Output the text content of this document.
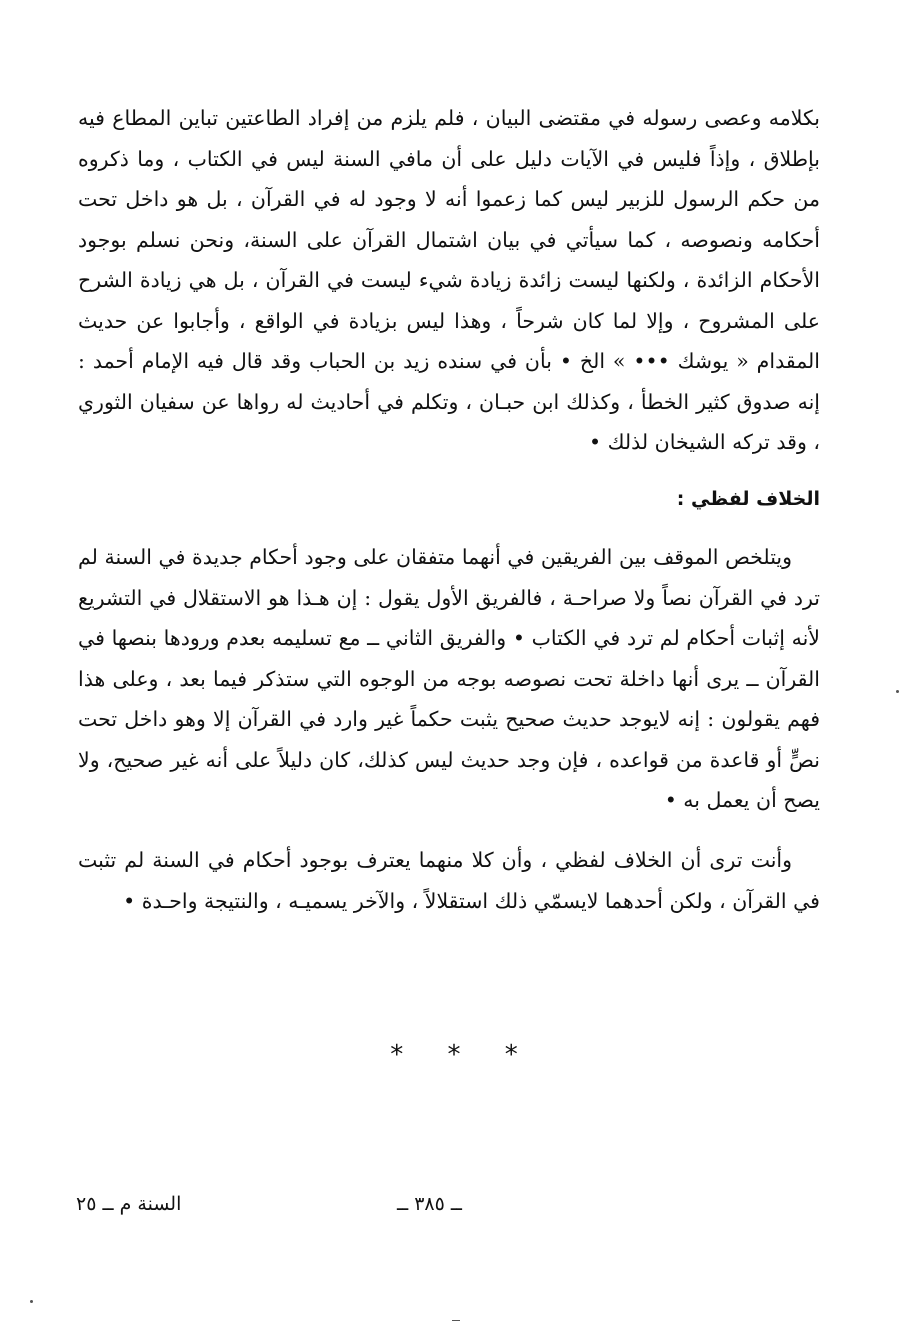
بكلامه وعصى رسوله في مقتضى البيان ، فلم يلزم من إفراد الطاعتين تباين المطاع فيه بإطلاق ، وإذاً فليس في الآيات دليل على أن مافي السنة ليس في الكتاب ، وما ذكروه من حكم الرسول للزبير ليس كما زعموا أنه لا وجود له في القرآن ، بل هو داخل تحت أحكامه ونصوصه ، كما سيأتي في بيان اشتمال القرآن على السنة، ونحن نسلم بوجود الأحكام الزائدة ، ولكنها ليست زائدة زيادة شيء ليست في القرآن ، بل هي زيادة الشرح على المشروح ، وإلا لما كان شرحاً ، وهذا ليس بزيادة في الواقع ، وأجابوا عن حديث المقدام « يوشك ••• » الخ • بأن في سنده زيد بن الحباب وقد قال فيه الإمام أحمد : إنه صدوق كثير الخطأ ، وكذلك ابن حبـان ، وتكلم في أحاديث له رواها عن سفيان الثوري ، وقد تركه الشيخان لذلك •

الخلاف لفظي :

ويتلخص الموقف بين الفريقين في أنهما متفقان على وجود أحكام جديدة في السنة لم ترد في القرآن نصاً ولا صراحـة ، فالفريق الأول يقول : إن هـذا هو الاستقلال في التشريع لأنه إثبات أحكام لم ترد في الكتاب • والفريق الثاني ــ مع تسليمه بعدم ورودها بنصها في القرآن ــ يرى أنها داخلة تحت نصوصه بوجه من الوجوه التي ستذكر فيما بعد ، وعلى هذا فهم يقولون : إنه لايوجد حديث صحيح يثبت حكماً غير وارد في القرآن إلا وهو داخل تحت نصٍّ أو قاعدة من قواعده ، فإن وجد حديث ليس كذلك، كان دليلاً على أنه غير صحيح، ولا يصح أن يعمل به •

وأنت ترى أن الخلاف لفظي ، وأن كلا منهما يعترف بوجود أحكام في السنة لم تثبت في القرآن ، ولكن أحدهما لايسمّي ذلك استقلالاً ، والآخر يسميـه ، والنتيجة واحـدة •

* * *
ــ ٣٨٥ ــ
السنة م ــ ٢٥
